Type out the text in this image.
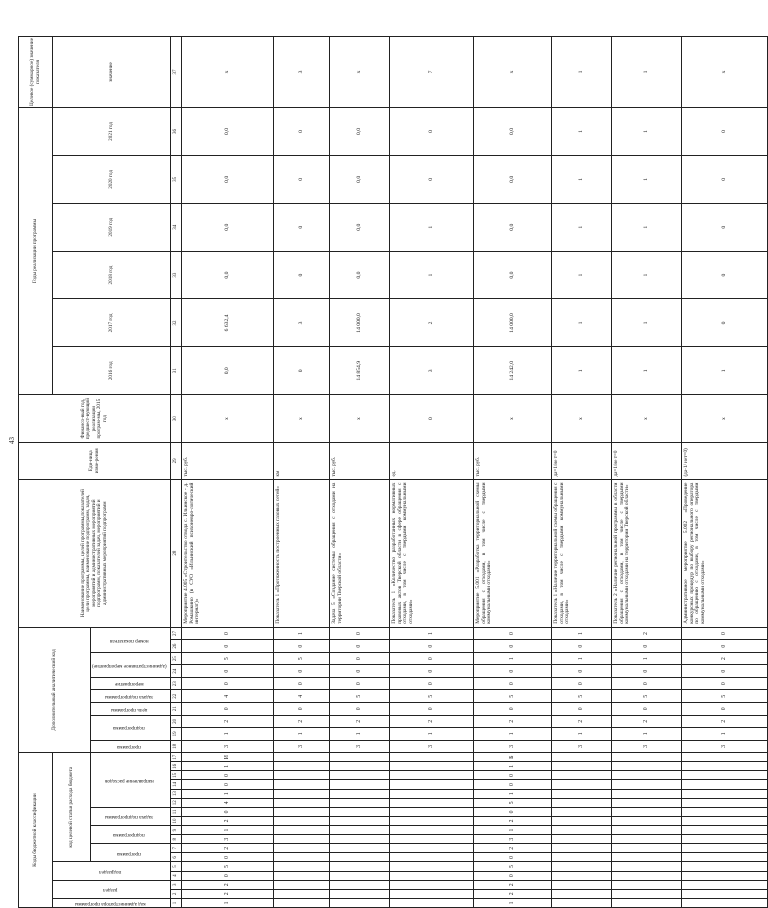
43
Коды бюджетной классификации																	Дополнительный аналитический код										Наименование программы, целей программы,показателей цели программы, наименование подпрограмм, задач, мероприятий и административных мероприятий подпрограмм, показателей задач, мероприятий и административных мероприятий подпрограмм	Еди-ница изме-рения	Финансо-вый год, предшест-вующий реализации програм-мы, 2015 год	Годы реализации программы						Целевое (суммарное) значение показателя
код администратора программы	раздел		подраздел		код целевой статьи расхода бюджета																									2016 год	2017 год	2018 год	2019 год	2020 год	2021 год	значение
					программа		подпрограмма		задача подпрограммы		направление расходов						программа	подпрограмма		цель программы	задача подпрограммы	мероприятие	(административное мероприятие)		номер показателя											
1	2	3	4	5	6	7	8	9	10	11	12	13	14	15	16	17	18	19	20	21	22	23	24	25	26	27	28	29	30	31	32	33	34	35	36	37
1	2	2	0	5	0	2	3	1	2	0	4	1	0	0	1	И	3	1	2	0	4	0	0	5	0	0	Мероприятие 4.005 «Строительство отвода с. Ильинское - д. Ромашкино (в СУО «Ильинский психоневро-логический интернат)»	тыс. руб.	х	0,0	6 632,4	0,0	0,0	0,0	0,0	х
																	3	1	2	0	4	0	0	5	0	1	Показатель 1 «Протяженность построенных газовых сетей»	км	х	0	3	0	0	0	0	3
																	3	1	2	0	5	0	0	0	0	0	Задача 5 «Создание системы обращения с отходами на территории Тверской области»	тыс. руб.	х	14 854,9	14 000,0	0,0	0,0	0,0	0,0	х
																	3	1	2	0	5	0	0	0	0	1	Показатель 1 «Количество разработанных нормативных правовых актов Тверской области в сфере обращения с отходами, в том числе с твердыми коммунальными отходами»	ед.	0	3	2	1	1	0	0	7
1	2	2	0	5	0	2	3	1	2	0	5	1	0	0	1	Б	3	1	2	0	5	0	0	1	0	0	Мероприятие 5.001 «Разработка территориальной схемы обращения с отходами, в том числе с твердыми коммунальными отходами»	тыс. руб.	х	14 242,0	14 000,0	0,0	0,0	0,0	0,0	х
																	3	1	2	0	5	0	0	1	0	1	Показатель 1 «Наличие территориальной схемы обращения с отходами, в том числе с твердыми коммунальными отходами»	да=1/не т=0	х	1	1	1	1	1	1	1
																	3	1	2	0	5	0	0	1	0	2	Показатель 2 «Наличие региональной программы в области обращения с отходами, в том числе с твердыми коммунальными отходами на территории Тверской области»	да=1/не т=0	х	1	1	1	1	1	1	1
																	3	1	2	0	5	0	0	2	0	0	Административное мероприятие 5.002 «Проведение конкурсных процедур по выбору регионального оператора по обращению с отходами, в том числе с твердыми коммунальными отходами»	(да-1/ нет=0)	х	1	0	0	0	0	0	х
